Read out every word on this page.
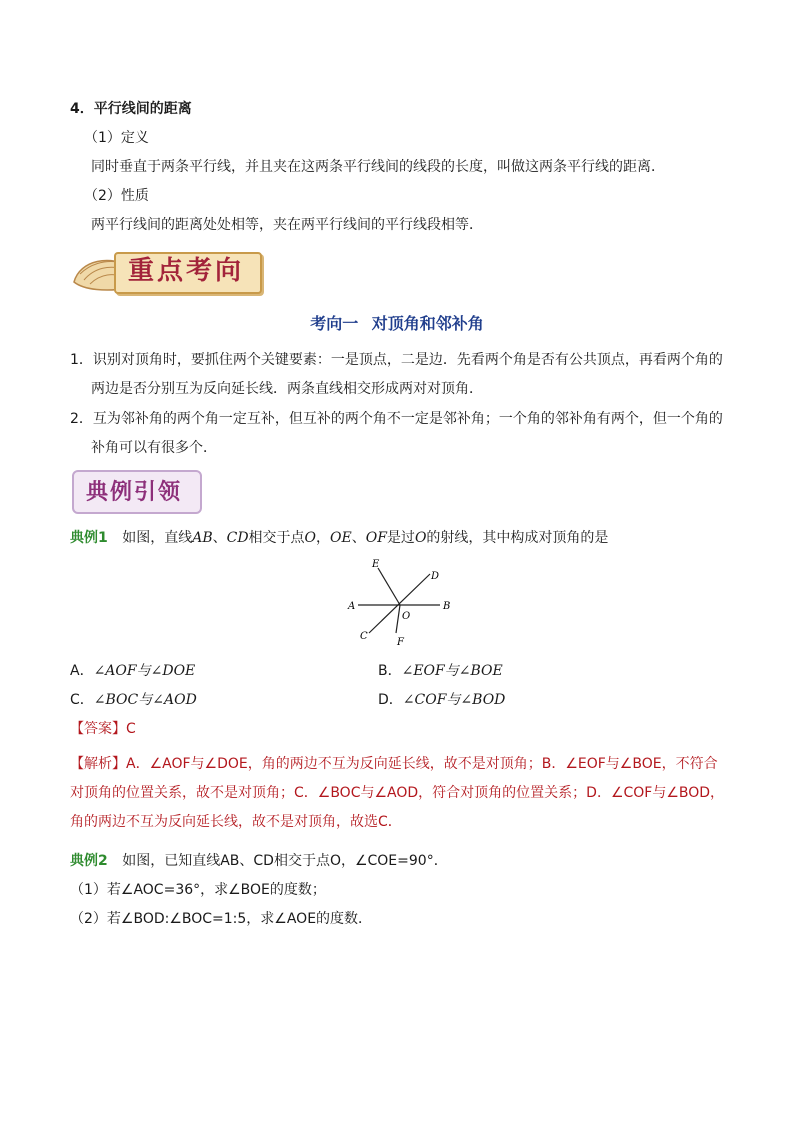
4．平行线间的距离
（1）定义
同时垂直于两条平行线，并且夹在这两条平行线间的线段的长度，叫做这两条平行线的距离．
（2）性质
两平行线间的距离处处相等，夹在两平行线间的平行线段相等．
重点考向
考向一 对顶角和邻补角
1．识别对顶角时，要抓住两个关键要素：一是顶点，二是边．先看两个角是否有公共顶点，再看两个角的
两边是否分别互为反向延长线．两条直线相交形成两对对顶角．
2．互为邻补角的两个角一定互补，但互补的两个角不一定是邻补角；一个角的邻补角有两个，但一个角的
补角可以有很多个．
典例引领
典例1 如图，直线AB、CD相交于点O，OE、OF是过O的射线，其中构成对顶角的是
E
D
A	B
O
C
F
A．∠AOF与∠DOE	B．∠EOF与∠BOE
C．∠BOC与∠AOD	D．∠COF与∠BOD
【答案】C
【解析】A．∠AOF与∠DOE，角的两边不互为反向延长线，故不是对顶角；B．∠EOF与∠BOE，不符合
对顶角的位置关系，故不是对顶角；C．∠BOC与∠AOD，符合对顶角的位置关系；D．∠COF与∠BOD，
角的两边不互为反向延长线，故不是对顶角，故选C．
典例2 如图，已知直线AB、CD相交于点O，∠COE=90°．
（1）若∠AOC=36°，求∠BOE的度数；
（2）若∠BOD:∠BOC=1:5，求∠AOE的度数．
